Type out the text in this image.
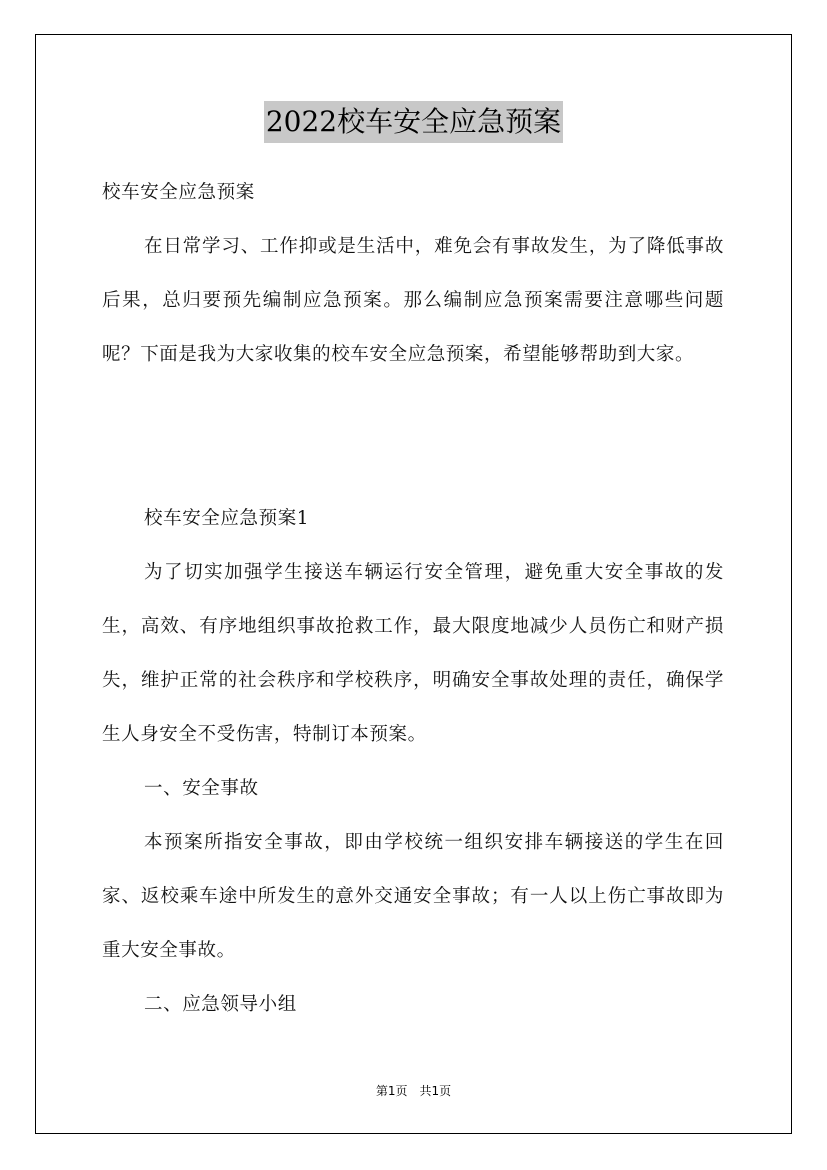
2022校车安全应急预案

校车安全应急预案

在日常学习、工作抑或是生活中，难免会有事故发生，为了降低事故后果，总归要预先编制应急预案。那么编制应急预案需要注意哪些问题呢？下面是我为大家收集的校车安全应急预案，希望能够帮助到大家。

校车安全应急预案1

为了切实加强学生接送车辆运行安全管理，避免重大安全事故的发生，高效、有序地组织事故抢救工作，最大限度地减少人员伤亡和财产损失，维护正常的社会秩序和学校秩序，明确安全事故处理的责任，确保学生人身安全不受伤害，特制订本预案。

一、安全事故

本预案所指安全事故，即由学校统一组织安排车辆接送的学生在回家、返校乘车途中所发生的意外交通安全事故；有一人以上伤亡事故即为重大安全事故。

二、应急领导小组

第1页　共1页
